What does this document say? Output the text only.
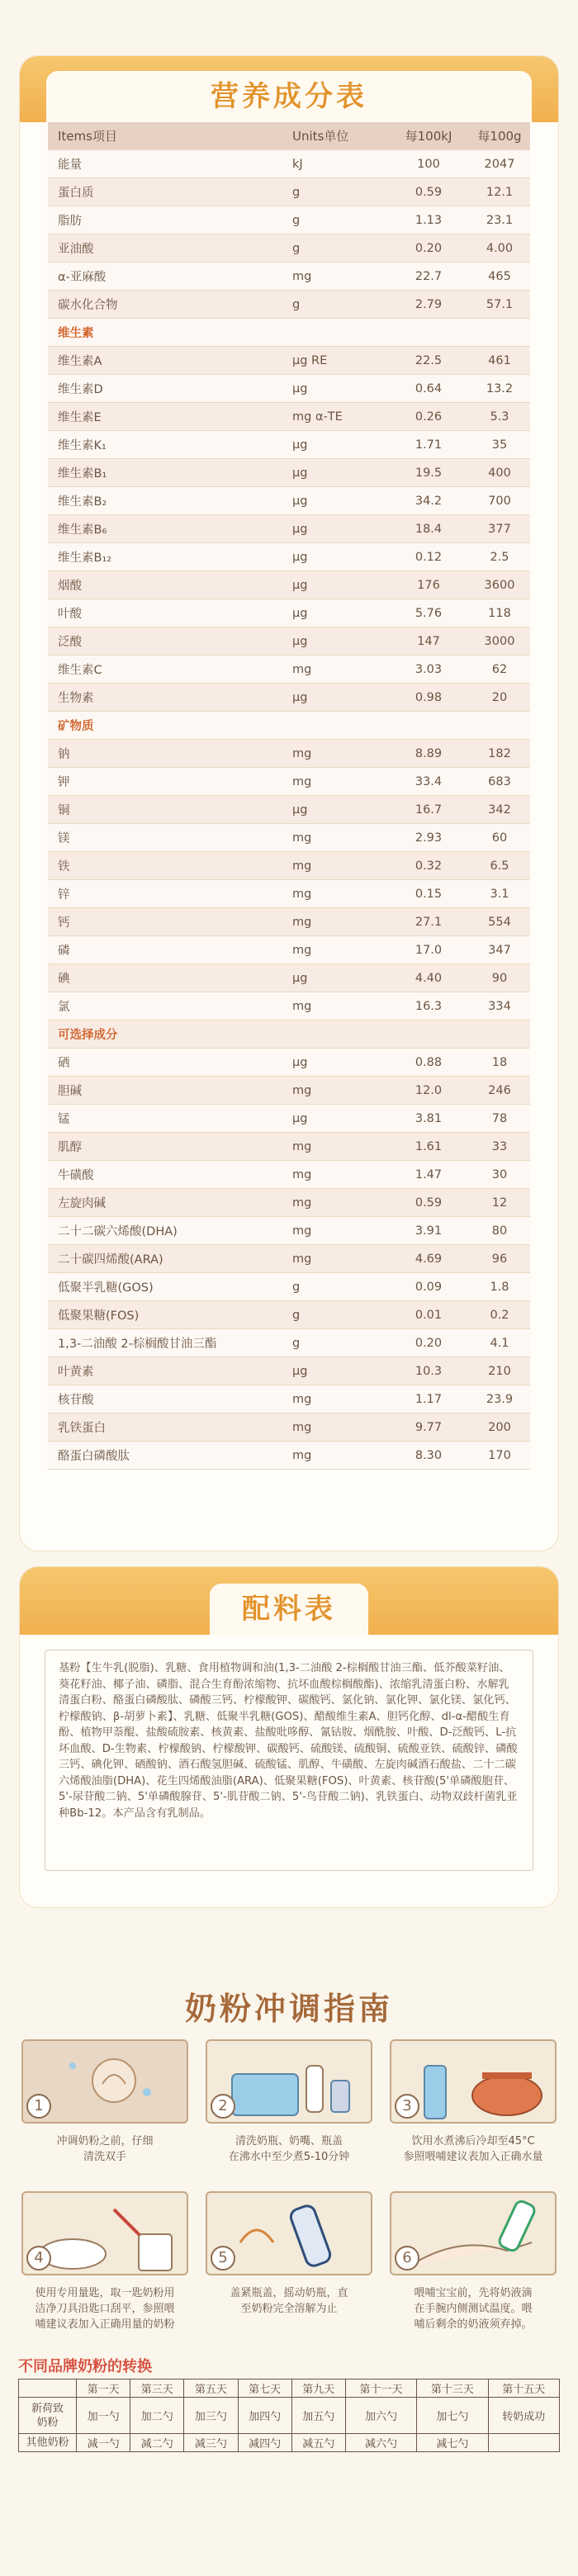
营养成分表
Items项目	Units单位	每100kJ	每100g
能量	kJ	100	2047
蛋白质	g	0.59	12.1
脂肪	g	1.13	23.1
亚油酸	g	0.20	4.00
α-亚麻酸	mg	22.7	465
碳水化合物	g	2.79	57.1
维生素
维生素A	μg RE	22.5	461
维生素D	μg	0.64	13.2
维生素E	mg α-TE	0.26	5.3
维生素K₁	μg	1.71	35
维生素B₁	μg	19.5	400
维生素B₂	μg	34.2	700
维生素B₆	μg	18.4	377
维生素B₁₂	μg	0.12	2.5
烟酸	μg	176	3600
叶酸	μg	5.76	118
泛酸	μg	147	3000
维生素C	mg	3.03	62
生物素	μg	0.98	20
矿物质
钠	mg	8.89	182
钾	mg	33.4	683
铜	μg	16.7	342
镁	mg	2.93	60
铁	mg	0.32	6.5
锌	mg	0.15	3.1
钙	mg	27.1	554
磷	mg	17.0	347
碘	μg	4.40	90
氯	mg	16.3	334
可选择成分
硒	μg	0.88	18
胆碱	mg	12.0	246
锰	μg	3.81	78
肌醇	mg	1.61	33
牛磺酸	mg	1.47	30
左旋肉碱	mg	0.59	12
二十二碳六烯酸(DHA)	mg	3.91	80
二十碳四烯酸(ARA)	mg	4.69	96
低聚半乳糖(GOS)	g	0.09	1.8
低聚果糖(FOS)	g	0.01	0.2
1,3-二油酸 2-棕榈酸甘油三酯	g	0.20	4.1
叶黄素	μg	10.3	210
核苷酸	mg	1.17	23.9
乳铁蛋白	mg	9.77	200
酪蛋白磷酸肽	mg	8.30	170
配料表
基粉【生牛乳(脱脂)、乳糖、食用植物调和油(1,3-二油酸 2-棕榈酸甘油三酯、低芥酸菜籽油、葵花籽油、椰子油、磷脂、混合生育酚浓缩物、抗坏血酸棕榈酸酯)、浓缩乳清蛋白粉、水解乳清蛋白粉、酪蛋白磷酸肽、磷酸三钙、柠檬酸钾、碳酸钙、氯化钠、氯化钾、氯化镁、氯化钙、柠檬酸钠、β-胡萝卜素】、乳糖、低聚半乳糖(GOS)、醋酸维生素A、胆钙化醇、dl-α-醋酸生育酚、植物甲萘醌、盐酸硫胺素、核黄素、盐酸吡哆醇、氰钴胺、烟酰胺、叶酸、D-泛酸钙、L-抗坏血酸、D-生物素、柠檬酸钠、柠檬酸钾、碳酸钙、硫酸镁、硫酸铜、硫酸亚铁、硫酸锌、磷酸三钙、碘化钾、硒酸钠、酒石酸氢胆碱、硫酸锰、肌醇、牛磺酸、左旋肉碱酒石酸盐、二十二碳六烯酸油脂(DHA)、花生四烯酸油脂(ARA)、低聚果糖(FOS)、叶黄素、核苷酸(5'单磷酸胞苷、5'-尿苷酸二钠、5'单磷酸腺苷、5'-肌苷酸二钠、5'-鸟苷酸二钠)、乳铁蛋白、动物双歧杆菌乳亚种Bb-12。本产品含有乳制品。
奶粉冲调指南
1
冲调奶粉之前，仔细
清洗双手
2
清洗奶瓶、奶嘴、瓶盖
在沸水中至少煮5-10分钟
3
饮用水煮沸后冷却至45°C
参照喂哺建议表加入正确水量
4
使用专用量匙，取一匙奶粉用
洁净刀具沿匙口刮平，参照喂
哺建议表加入正确用量的奶粉
5
盖紧瓶盖，摇动奶瓶，直
至奶粉完全溶解为止
6
喂哺宝宝前，先将奶液滴
在手腕内侧测试温度。喂
哺后剩余的奶液须弃掉。
不同品牌奶粉的转换
	第一天	第三天	第五天	第七天	第九天	第十一天	第十三天	第十五天

新荷致
奶粉	加一勺	加二勺	加三勺	加四勺	加五勺	加六勺	加七勺	转奶成功
其他奶粉	减一勺	减二勺	减三勺	减四勺	减五勺	减六勺	减七勺	
